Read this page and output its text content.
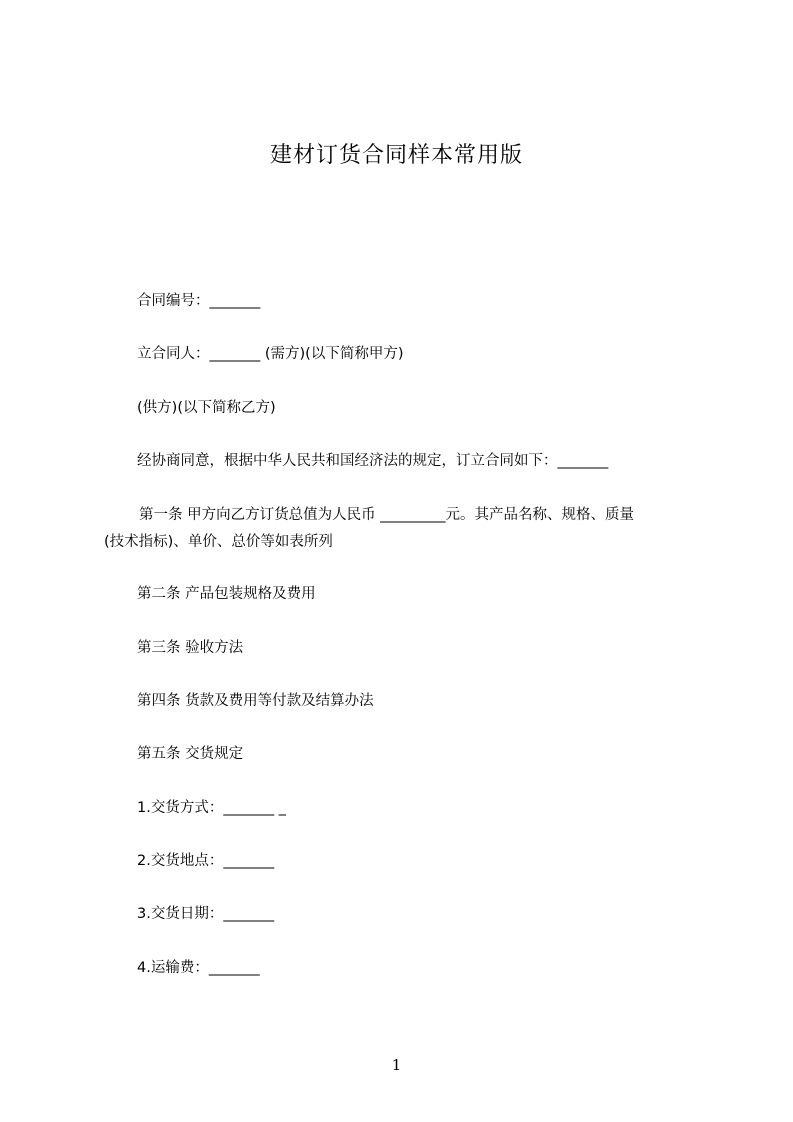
建材订货合同样本常用版
合同编号：_______
立合同人：_______ (需方)(以下简称甲方)
(供方)(以下简称乙方)
经协商同意，根据中华人民共和国经济法的规定，订立合同如下：_______
第一条 甲方向乙方订货总值为人民币 _________元。其产品名称、规格、质量
(技术指标)、单价、总价等如表所列
第二条 产品包装规格及费用
第三条 验收方法
第四条 货款及费用等付款及结算办法
第五条 交货规定
1.交货方式：_______ _
2.交货地点：_______
3.交货日期：_______
4.运输费：_______
1
